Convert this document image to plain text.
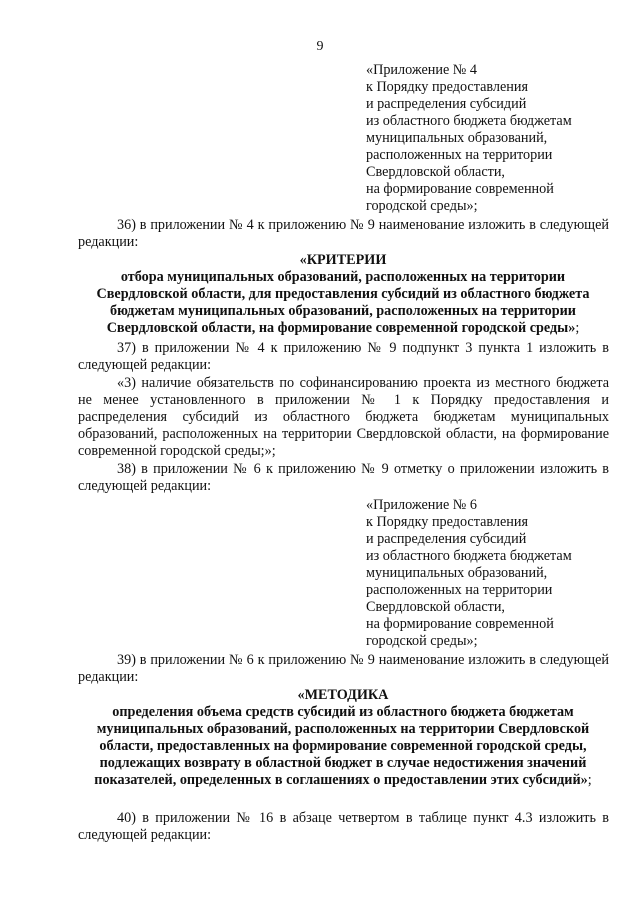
9
«Приложение № 4
к Порядку предоставления
и распределения субсидий
из областного бюджета бюджетам
муниципальных образований,
расположенных на территории
Свердловской области,
на формирование современной
городской среды»;
36) в приложении № 4 к приложению № 9 наименование изложить в следующей редакции:
«КРИТЕРИИ
отбора муниципальных образований, расположенных на территории Свердловской области, для предоставления субсидий из областного бюджета бюджетам муниципальных образований, расположенных на территории Свердловской области, на формирование современной городской среды»;
37) в приложении № 4 к приложению № 9 подпункт 3 пункта 1 изложить в следующей редакции:
«3) наличие обязательств по софинансированию проекта из местного бюджета не менее установленного в приложении № 1 к Порядку предоставления и распределения субсидий из областного бюджета бюджетам муниципальных образований, расположенных на территории Свердловской области, на формирование современной городской среды;»;
38) в приложении № 6 к приложению № 9 отметку о приложении изложить в следующей редакции:
«Приложение № 6
к Порядку предоставления
и распределения субсидий
из областного бюджета бюджетам
муниципальных образований,
расположенных на территории
Свердловской области,
на формирование современной
городской среды»;
39) в приложении № 6 к приложению № 9 наименование изложить в следующей редакции:
«МЕТОДИКА
определения объема средств субсидий из областного бюджета бюджетам муниципальных образований, расположенных на территории Свердловской области, предоставленных на формирование современной городской среды, подлежащих возврату в областной бюджет в случае недостижения значений показателей, определенных в соглашениях о предоставлении этих субсидий»;
40) в приложении № 16 в абзаце четвертом в таблице пункт 4.3 изложить в следующей редакции:
